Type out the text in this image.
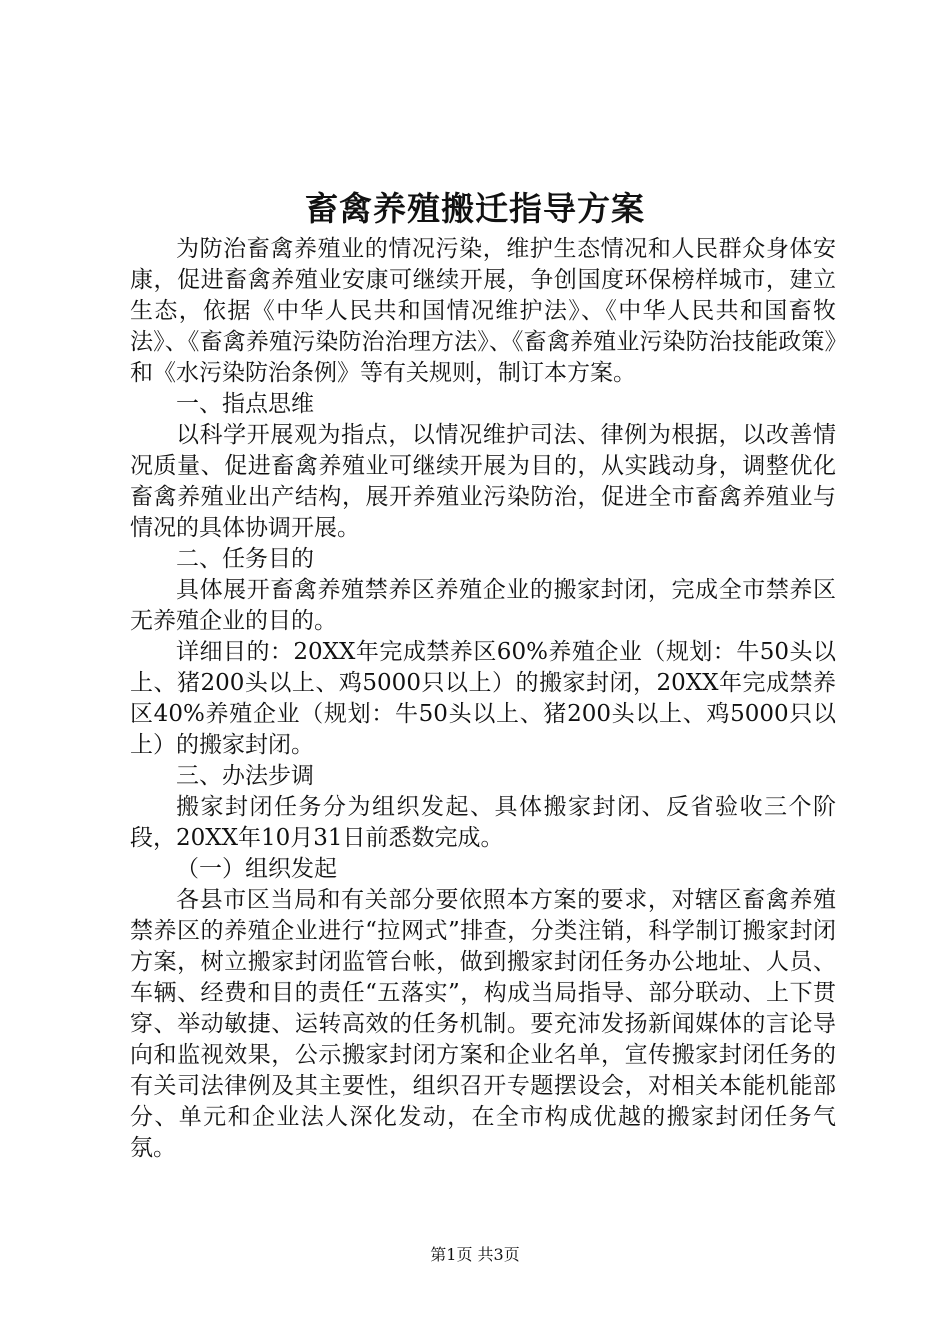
畜禽养殖搬迁指导方案

为防治畜禽养殖业的情况污染，维护生态情况和人民群众身体安康，促进畜禽养殖业安康可继续开展，争创国度环保榜样城市，建立生态，依据《中华人民共和国情况维护法》、《中华人民共和国畜牧法》、《畜禽养殖污染防治治理方法》、《畜禽养殖业污染防治技能政策》和《水污染防治条例》等有关规则，制订本方案。

一、指点思维

以科学开展观为指点，以情况维护司法、律例为根据，以改善情况质量、促进畜禽养殖业可继续开展为目的，从实践动身，调整优化畜禽养殖业出产结构，展开养殖业污染防治，促进全市畜禽养殖业与情况的具体协调开展。

二、任务目的

具体展开畜禽养殖禁养区养殖企业的搬家封闭，完成全市禁养区无养殖企业的目的。

详细目的：20XX年完成禁养区60%养殖企业（规划：牛50头以上、猪200头以上、鸡5000只以上）的搬家封闭，20XX年完成禁养区40%养殖企业（规划：牛50头以上、猪200头以上、鸡5000只以上）的搬家封闭。

三、办法步调

搬家封闭任务分为组织发起、具体搬家封闭、反省验收三个阶段，20XX年10月31日前悉数完成。

（一）组织发起

各县市区当局和有关部分要依照本方案的要求，对辖区畜禽养殖禁养区的养殖企业进行“拉网式”排查，分类注销，科学制订搬家封闭方案，树立搬家封闭监管台帐，做到搬家封闭任务办公地址、人员、车辆、经费和目的责任“五落实”，构成当局指导、部分联动、上下贯穿、举动敏捷、运转高效的任务机制。要充沛发扬新闻媒体的言论导向和监视效果，公示搬家封闭方案和企业名单，宣传搬家封闭任务的有关司法律例及其主要性，组织召开专题摆设会，对相关本能机能部分、单元和企业法人深化发动，在全市构成优越的搬家封闭任务气氛。

第1页 共3页
